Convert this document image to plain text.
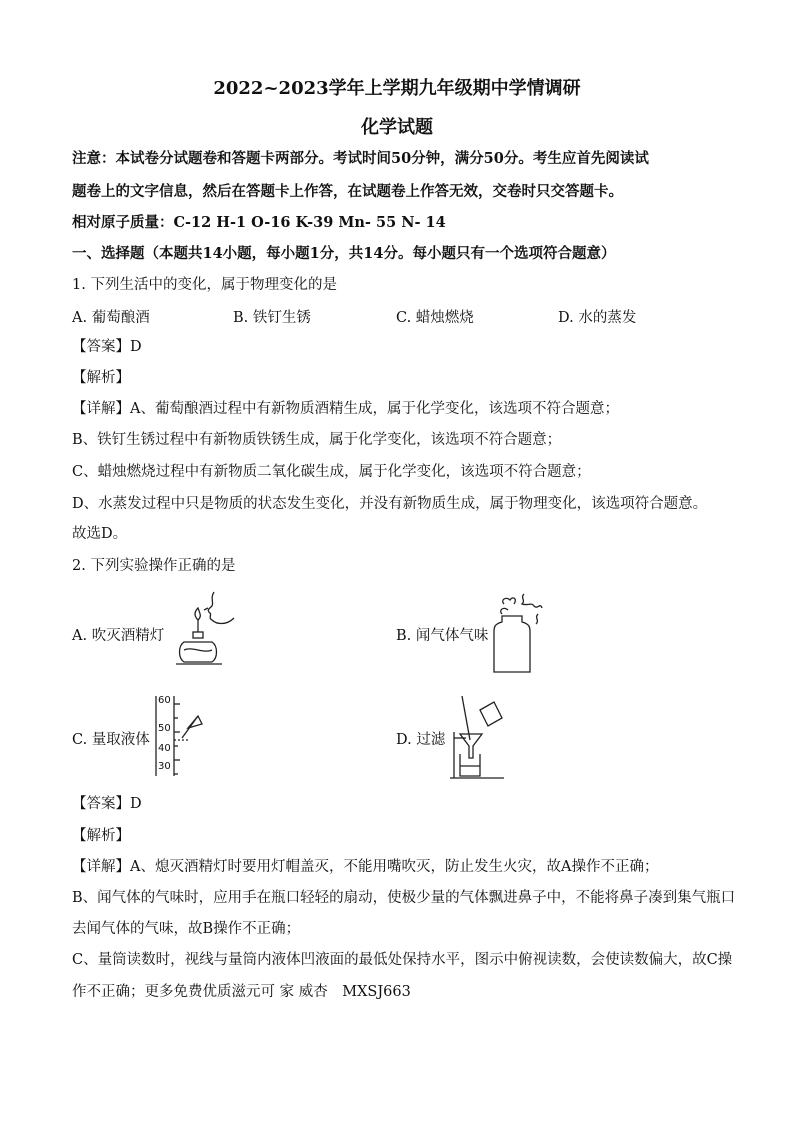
2022~2023学年上学期九年级期中学情调研
化学试题
注意：本试卷分试题卷和答题卡两部分。考试时间50分钟，满分50分。考生应首先阅读试
题卷上的文字信息，然后在答题卡上作答，在试题卷上作答无效，交卷时只交答题卡。
相对原子质量：C-12 H-1 O-16 K-39 Mn- 55 N- 14
一、选择题（本题共14小题，每小题1分，共14分。每小题只有一个选项符合题意）
1. 下列生活中的变化，属于物理变化的是
A. 葡萄酿酒	B. 铁钉生锈	C. 蜡烛燃烧	D. 水的蒸发
【答案】D
【解析】
【详解】A、葡萄酿酒过程中有新物质酒精生成，属于化学变化，该选项不符合题意；
B、铁钉生锈过程中有新物质铁锈生成，属于化学变化，该选项不符合题意；
C、蜡烛燃烧过程中有新物质二氧化碳生成，属于化学变化，该选项不符合题意；
D、水蒸发过程中只是物质的状态发生变化，并没有新物质生成，属于物理变化，该选项符合题意。
故选D。
2. 下列实验操作正确的是
A. 吹灭酒精灯	B. 闻气体气味
C. 量取液体
60
50
40
30
D. 过滤
【答案】D
【解析】
【详解】A、熄灭酒精灯时要用灯帽盖灭，不能用嘴吹灭，防止发生火灾，故A操作不正确；
B、闻气体的气味时，应用手在瓶口轻轻的扇动，使极少量的气体飘进鼻子中，不能将鼻子凑到集气瓶口
去闻气体的气味，故B操作不正确；
C、量筒读数时，视线与量筒内液体凹液面的最低处保持水平，图示中俯视读数，会使读数偏大，故C操
作不正确；更多免费优质滋元可 家 威杏　MXSJ663
